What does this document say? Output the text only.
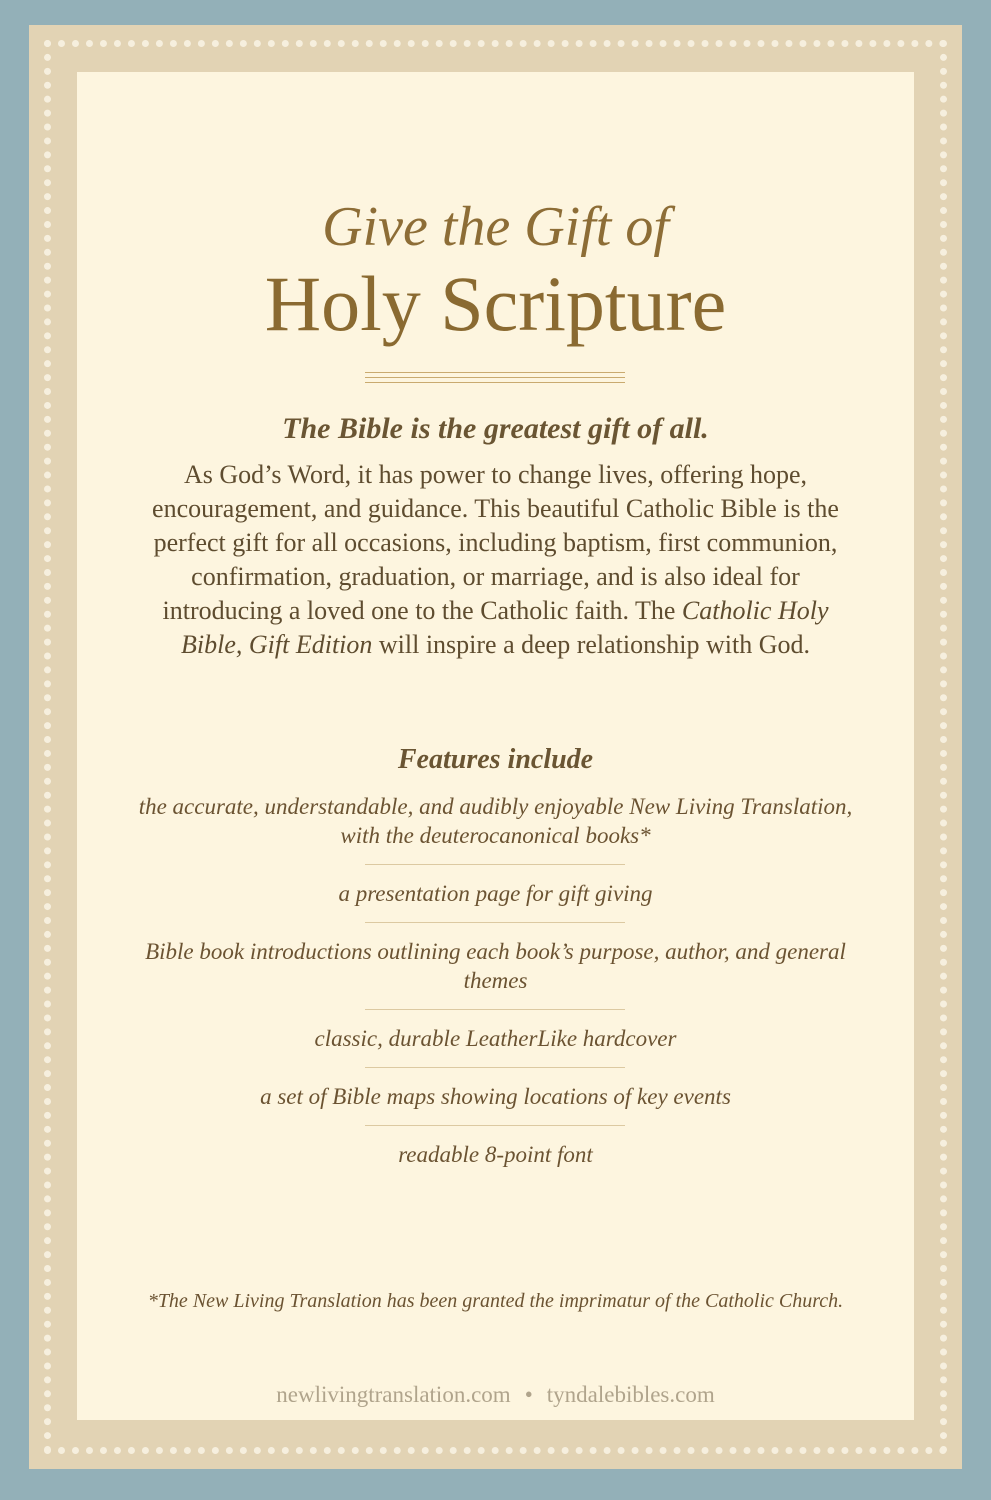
Give the Gift of
Holy Scripture
The Bible is the greatest gift of all.
As God’s Word, it has power to change lives, offering hope, encouragement, and guidance. This beautiful Catholic Bible is the perfect gift for all occasions, including baptism, first communion, confirmation, graduation, or marriage, and is also ideal for introducing a loved one to the Catholic faith. The Catholic Holy Bible, Gift Edition will inspire a deep relationship with God.
Features include
the accurate, understandable, and audibly enjoyable New Living Translation, with the deuterocanonical books*
a presentation page for gift giving
Bible book introductions outlining each book’s purpose, author, and general themes
classic, durable LeatherLike hardcover
a set of Bible maps showing locations of key events
readable 8-point font
*The New Living Translation has been granted the imprimatur of the Catholic Church.
newlivingtranslation.com • tyndalebibles.com
